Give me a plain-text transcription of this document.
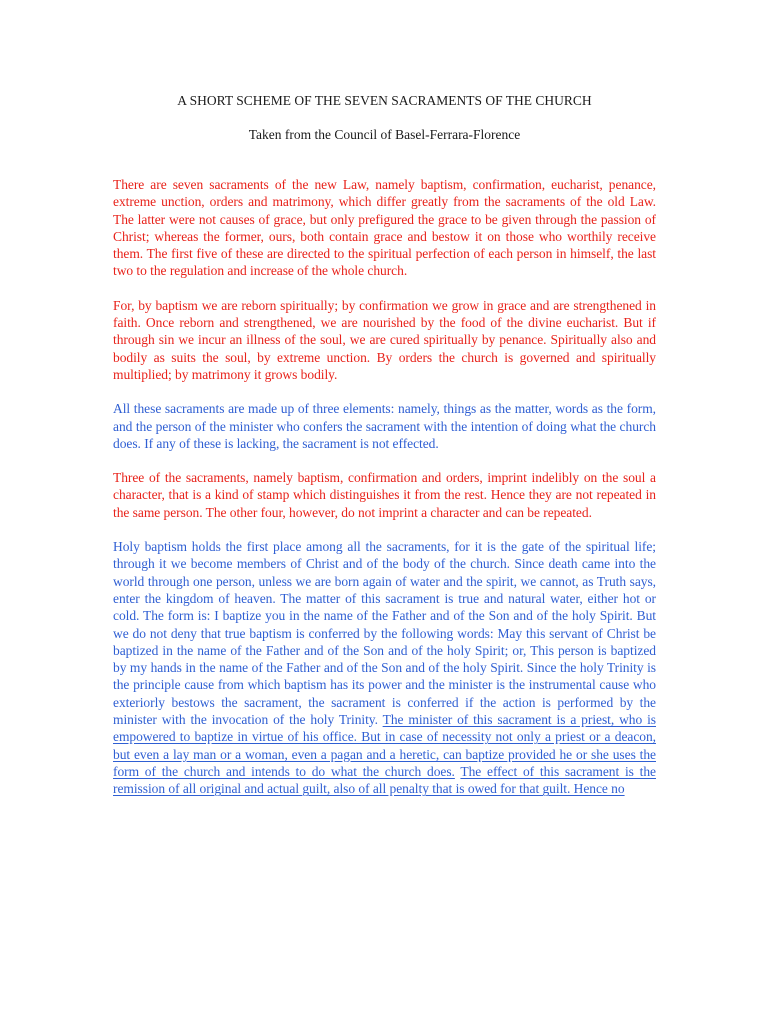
A SHORT SCHEME OF THE SEVEN SACRAMENTS OF THE CHURCH

Taken from the Council of Basel-Ferrara-Florence

There are seven sacraments of the new Law, namely baptism, confirmation, eucharist, penance, extreme unction, orders and matrimony, which differ greatly from the sacraments of the old Law. The latter were not causes of grace, but only prefigured the grace to be given through the passion of Christ; whereas the former, ours, both contain grace and bestow it on those who worthily receive them. The first five of these are directed to the spiritual perfection of each person in himself, the last two to the regulation and increase of the whole church.

For, by baptism we are reborn spiritually; by confirmation we grow in grace and are strengthened in faith. Once reborn and strengthened, we are nourished by the food of the divine eucharist. But if through sin we incur an illness of the soul, we are cured spiritually by penance. Spiritually also and bodily as suits the soul, by extreme unction. By orders the church is governed and spiritually multiplied; by matrimony it grows bodily.

All these sacraments are made up of three elements: namely, things as the matter, words as the form, and the person of the minister who confers the sacrament with the intention of doing what the church does. If any of these is lacking, the sacrament is not effected.

Three of the sacraments, namely baptism, confirmation and orders, imprint indelibly on the soul a character, that is a kind of stamp which distinguishes it from the rest. Hence they are not repeated in the same person. The other four, however, do not imprint a character and can be repeated.

Holy baptism holds the first place among all the sacraments, for it is the gate of the spiritual life; through it we become members of Christ and of the body of the church. Since death came into the world through one person, unless we are born again of water and the spirit, we cannot, as Truth says, enter the kingdom of heaven. The matter of this sacrament is true and natural water, either hot or cold. The form is: I baptize you in the name of the Father and of the Son and of the holy Spirit. But we do not deny that true baptism is conferred by the following words: May this servant of Christ be baptized in the name of the Father and of the Son and of the holy Spirit; or, This person is baptized by my hands in the name of the Father and of the Son and of the holy Spirit. Since the holy Trinity is the principle cause from which baptism has its power and the minister is the instrumental cause who exteriorly bestows the sacrament, the sacrament is conferred if the action is performed by the minister with the invocation of the holy Trinity. The minister of this sacrament is a priest, who is empowered to baptize in virtue of his office. But in case of necessity not only a priest or a deacon, but even a lay man or a woman, even a pagan and a heretic, can baptize provided he or she uses the form of the church and intends to do what the church does. The effect of this sacrament is the remission of all original and actual guilt, also of all penalty that is owed for that guilt. Hence no
